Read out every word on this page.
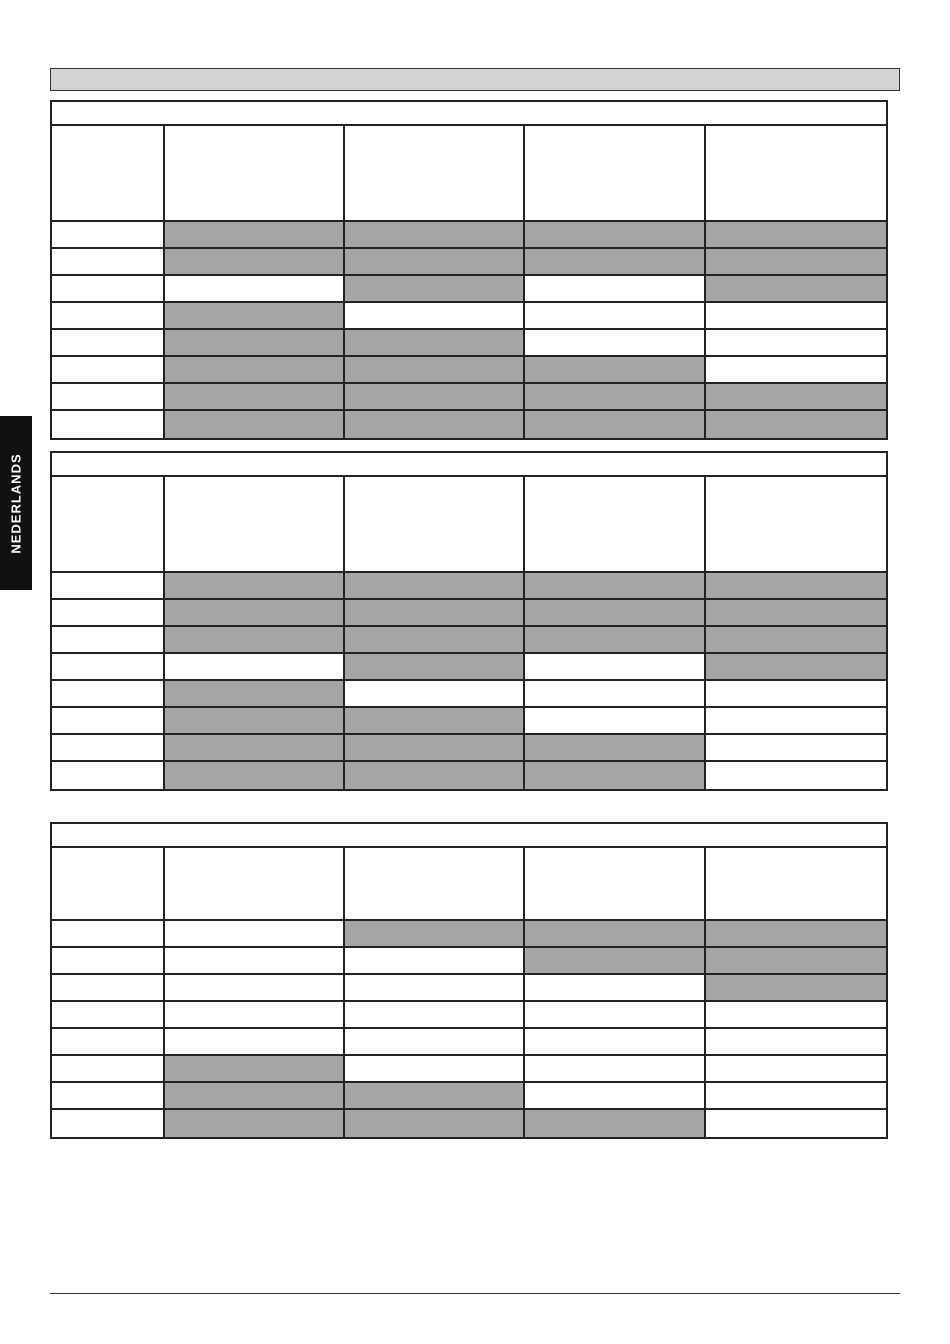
NEDERLANDS
